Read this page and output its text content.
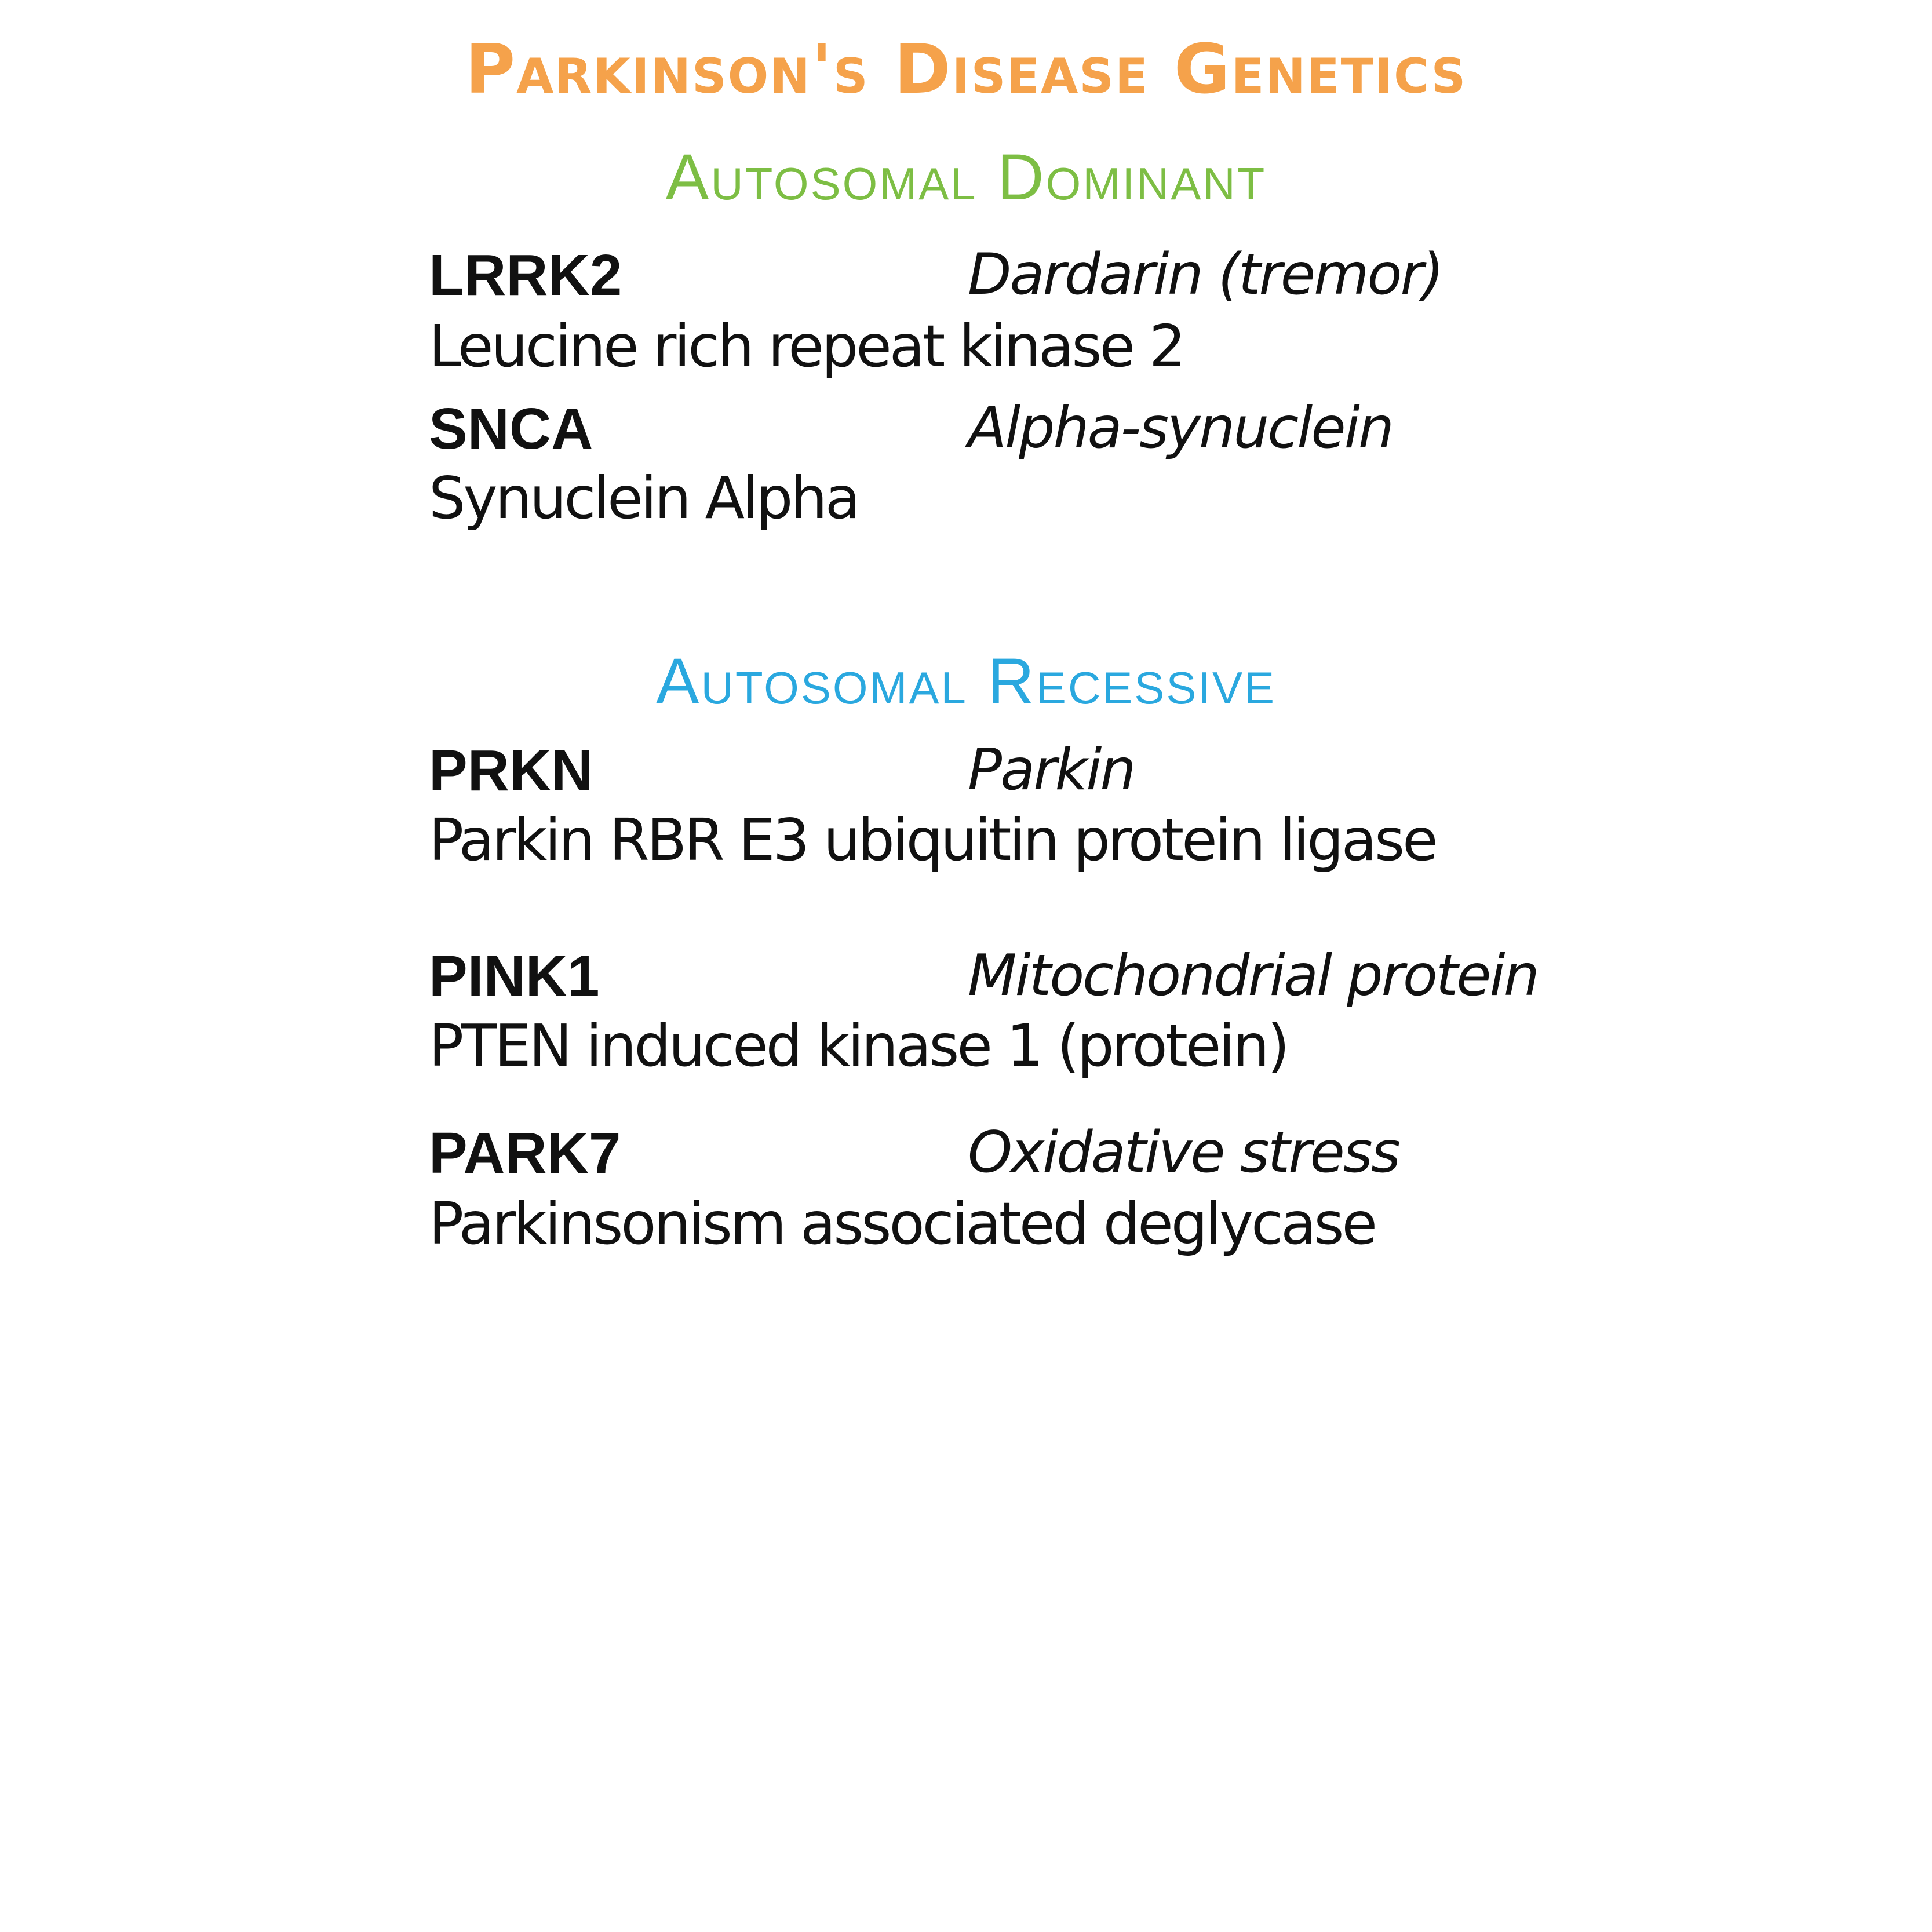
Parkinson's Disease Genetics
Autosomal Dominant
LRRK2	Dardarin (tremor)
Leucine rich repeat kinase 2
SNCA	Alpha-synuclein
Synuclein Alpha
Autosomal Recessive
PRKN	Parkin
Parkin RBR E3 ubiquitin protein ligase
PINK1	Mitochondrial protein
PTEN induced kinase 1 (protein)
PARK7	Oxidative stress
Parkinsonism associated deglycase
